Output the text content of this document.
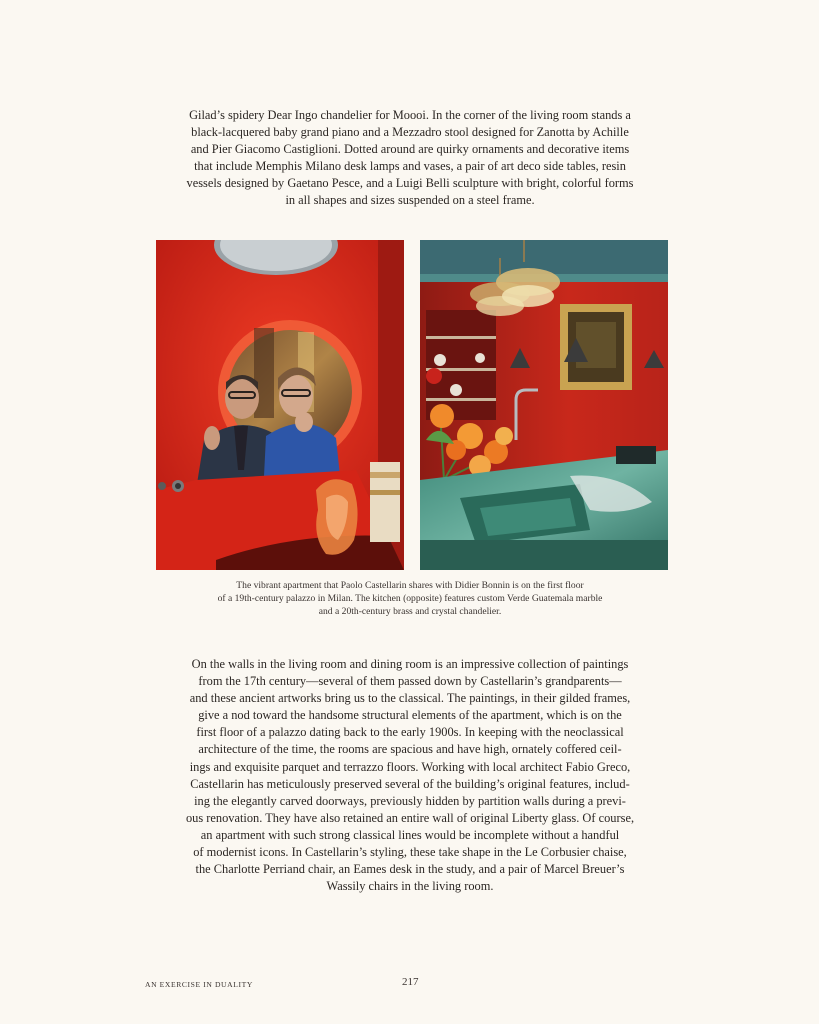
Gilad’s spidery Dear Ingo chandelier for Moooi. In the corner of the living room stands a
black-lacquered baby grand piano and a Mezzadro stool designed for Zanotta by Achille
and Pier Giacomo Castiglioni. Dotted around are quirky ornaments and decorative items
that include Memphis Milano desk lamps and vases, a pair of art deco side tables, resin
vessels designed by Gaetano Pesce, and a Luigi Belli sculpture with bright, colorful forms
in all shapes and sizes suspended on a steel frame.

The vibrant apartment that Paolo Castellarin shares with Didier Bonnin is on the first floor
of a 19th-century palazzo in Milan. The kitchen (opposite) features custom Verde Guatemala marble
and a 20th-century brass and crystal chandelier.

On the walls in the living room and dining room is an impressive collection of paintings
from the 17th century—several of them passed down by Castellarin’s grandparents—
and these ancient artworks bring us to the classical. The paintings, in their gilded frames,
give a nod toward the handsome structural elements of the apartment, which is on the
first floor of a palazzo dating back to the early 1900s. In keeping with the neoclassical
architecture of the time, the rooms are spacious and have high, ornately coffered ceil-
ings and exquisite parquet and terrazzo floors. Working with local architect Fabio Greco,
Castellarin has meticulously preserved several of the building’s original features, includ-
ing the elegantly carved doorways, previously hidden by partition walls during a previ-
ous renovation. They have also retained an entire wall of original Liberty glass. Of course,
an apartment with such strong classical lines would be incomplete without a handful
of modernist icons. In Castellarin’s styling, these take shape in the Le Corbusier chaise,
the Charlotte Perriand chair, an Eames desk in the study, and a pair of Marcel Breuer’s
Wassily chairs in the living room.

AN EXERCISE IN DUALITY	217
